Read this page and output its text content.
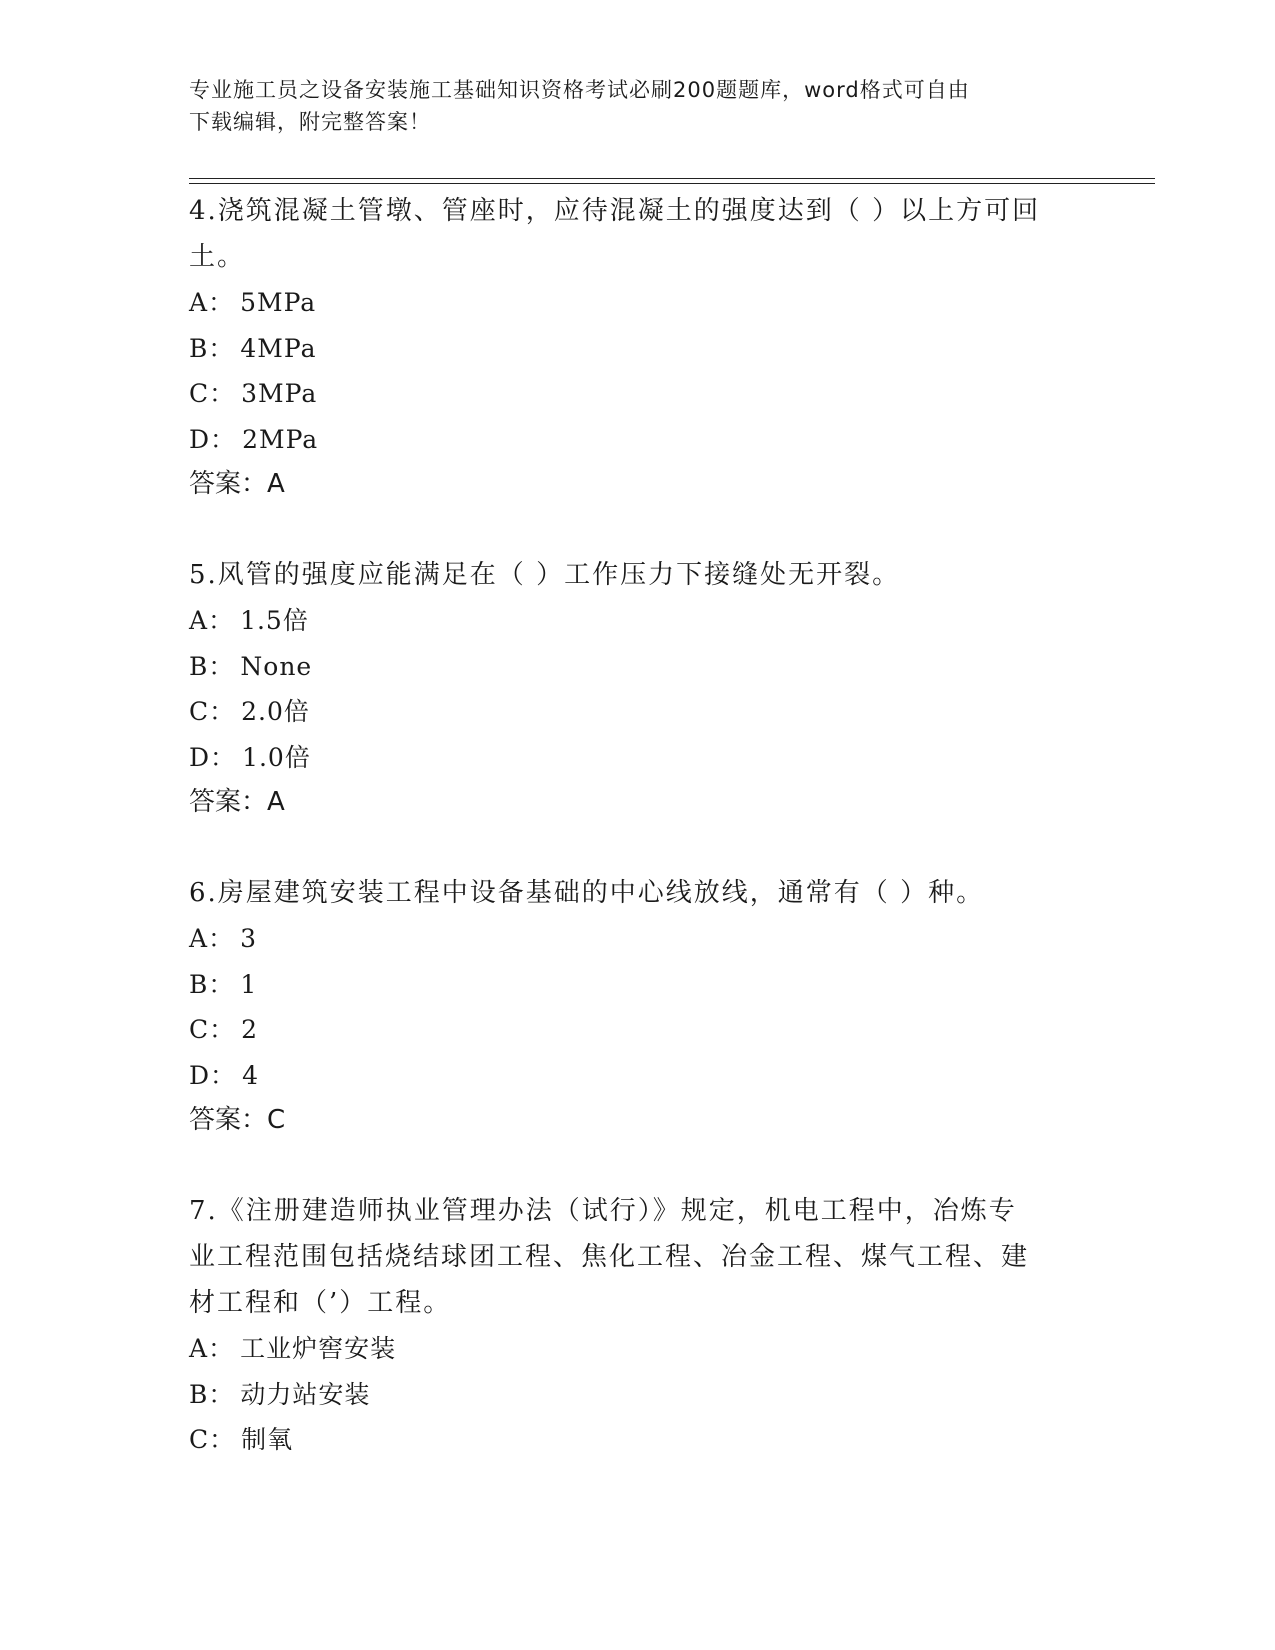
专业施工员之设备安装施工基础知识资格考试必刷200题题库，word格式可自由
下载编辑，附完整答案！

4.浇筑混凝土管墩、管座时，应待混凝土的强度达到（ ）以上方可回

土。

A： 5MPa

B： 4MPa

C： 3MPa

D： 2MPa

答案：A

5.风管的强度应能满足在（ ）工作压力下接缝处无开裂。

A： 1.5倍

B： None

C： 2.0倍

D： 1.0倍

答案：A

6.房屋建筑安装工程中设备基础的中心线放线，通常有（ ）种。

A： 3

B： 1

C： 2

D： 4

答案：C

7.《注册建造师执业管理办法（试行）》规定，机电工程中，冶炼专

业工程范围包括烧结球团工程、焦化工程、冶金工程、煤气工程、建

材工程和（’）工程。

A： 工业炉窖安装

B： 动力站安装

C： 制氧
